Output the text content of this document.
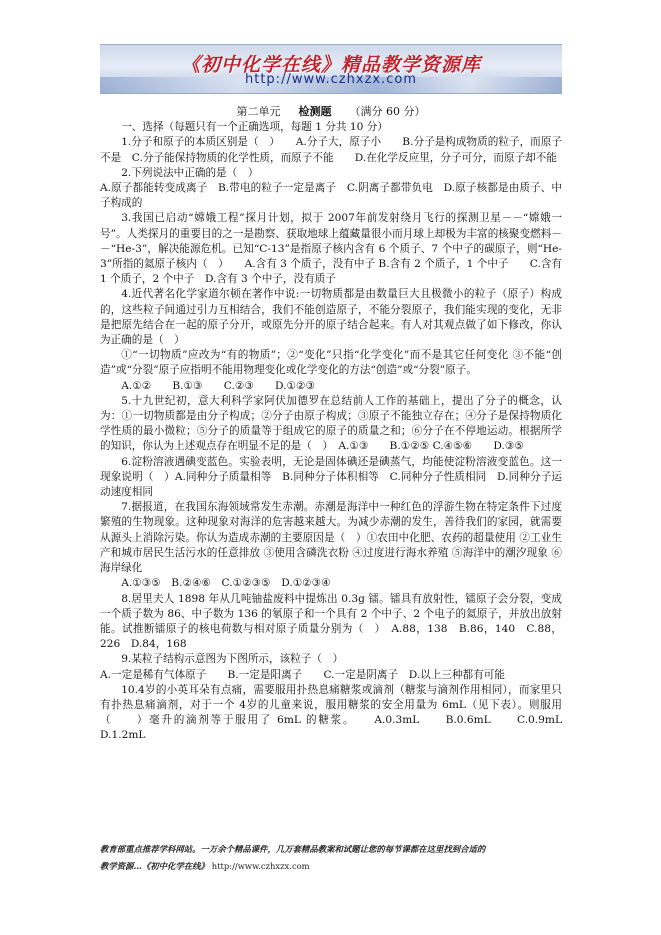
《初中化学在线》精品教学资源库
http://www.czhxzx.com
第二单元 　 检测题 　 （满分 60 分）

一、选择（每题只有一个正确选项，每题 1 分共 10 分）

1.分子和原子的本质区别是（　）　　A.分子大，原子小　　B.分子是构成物质的粒子，而原子不是　C.分子能保持物质的化学性质，而原子不能　　D.在化学反应里，分子可分，而原子却不能

2.下列说法中正确的是（　）

A.原子都能转变成离子　B.带电的粒子一定是离子　C.阴离子都带负电　D.原子核都是由质子、中子构成的

3.我国已启动“嫦娥工程”探月计划，拟于 2007年前发射绕月飞行的探测卫星－－“嫦娥一号”。人类探月的重要目的之一是勘察、获取地球上蕴藏量很小而月球上却极为丰富的核聚变燃料－－“He-3”，解决能源危机。已知“C-13”是指原子核内含有 6 个质子、7 个中子的碳原子，则“He-3”所指的氦原子核内（　）　　A.含有 3 个质子，没有中子 B.含有 2 个质子，1 个中子　　C.含有 1 个质子，2 个中子　D.含有 3 个中子，没有质子

4.近代著名化学家道尔顿在著作中说:一切物质都是由数量巨大且极微小的粒子（原子）构成的，这些粒子间通过引力互相结合，我们不能创造原子，不能分裂原子，我们能实现的变化，无非是把原先结合在一起的原子分开，或原先分开的原子结合起来。有人对其观点做了如下修改，你认为正确的是（　）

①“一切物质”应改为“有的物质”；②“变化”只指“化学变化”而不是其它任何变化 ③不能“创造”或“分裂”原子应指明不能用物理变化或化学变化的方法“创造”或“分裂”原子。

A.①②　　B.①③　　C.②③　　D.①②③

5.十九世纪初，意大利科学家阿伏加德罗在总结前人工作的基础上，提出了分子的概念，认为：①一切物质都是由分子构成；②分子由原子构成；③原子不能独立存在；④分子是保持物质化学性质的最小微粒；⑤分子的质量等于组成它的原子的质量之和；⑥分子在不停地运动。根据所学的知识，你认为上述观点存在明显不足的是（　）　A.①③　　B.①②⑤ C.④⑤⑥　　D.③⑤

6.淀粉溶液遇碘变蓝色。实验表明，无论是固体碘还是碘蒸气，均能使淀粉溶液变蓝色。这一现象说明（　）A.同种分子质量相等　B.同种分子体积相等　C.同种分子性质相同　D.同种分子运动速度相同

7.据报道，在我国东海领域常发生赤潮。赤潮是海洋中一种红色的浮游生物在特定条件下过度繁殖的生物现象。这种现象对海洋的危害越来越大。为减少赤潮的发生，善待我们的家园，就需要从源头上消除污染。你认为造成赤潮的主要原因是（　）①农田中化肥、农药的超量使用 ②工业生产和城市居民生活污水的任意排放 ③使用含磷洗衣粉 ④过度进行海水养殖 ⑤海洋中的潮汐现象 ⑥海岸绿化

A.①③⑤　B.②④⑥　C.①②③⑤　D.①②③④

8.居里夫人 1898 年从几吨铀盐废料中提炼出 0.3g 镭。镭具有放射性，镭原子会分裂，变成一个质子数为 86、中子数为 136 的氡原子和一个具有 2 个中子、2 个电子的氦原子，并放出放射能。试推断镭原子的核电荷数与相对原子质量分别为（　）　A.88，138　B.86，140　C.88，226　D.84，168

9.某粒子结构示意图为下图所示，该粒子（　）

A.一定是稀有气体原子　　B.一定是阳离子　　C.一定是阴离子　D.以上三种都有可能

10.4岁的小英耳朵有点痛，需要服用扑热息痛糖浆或滴剂（糖浆与滴剂作用相同），而家里只有扑热息痛滴剂，对于一个 4岁的儿童来说，服用糖浆的安全用量为 6mL（见下表）。则服用（　　）毫升的滴剂等于服用了 6mL 的糖浆。　　A.0.3mL　　B.0.6mL　　C.0.9mL　　D.1.2mL

教育部重点推荐学科网站。一万余个精品课件，几万套精品教案和试题让您的每节课都在这里找到合适的
教学资源…《初中化学在线》 http://www.czhxzx.com
